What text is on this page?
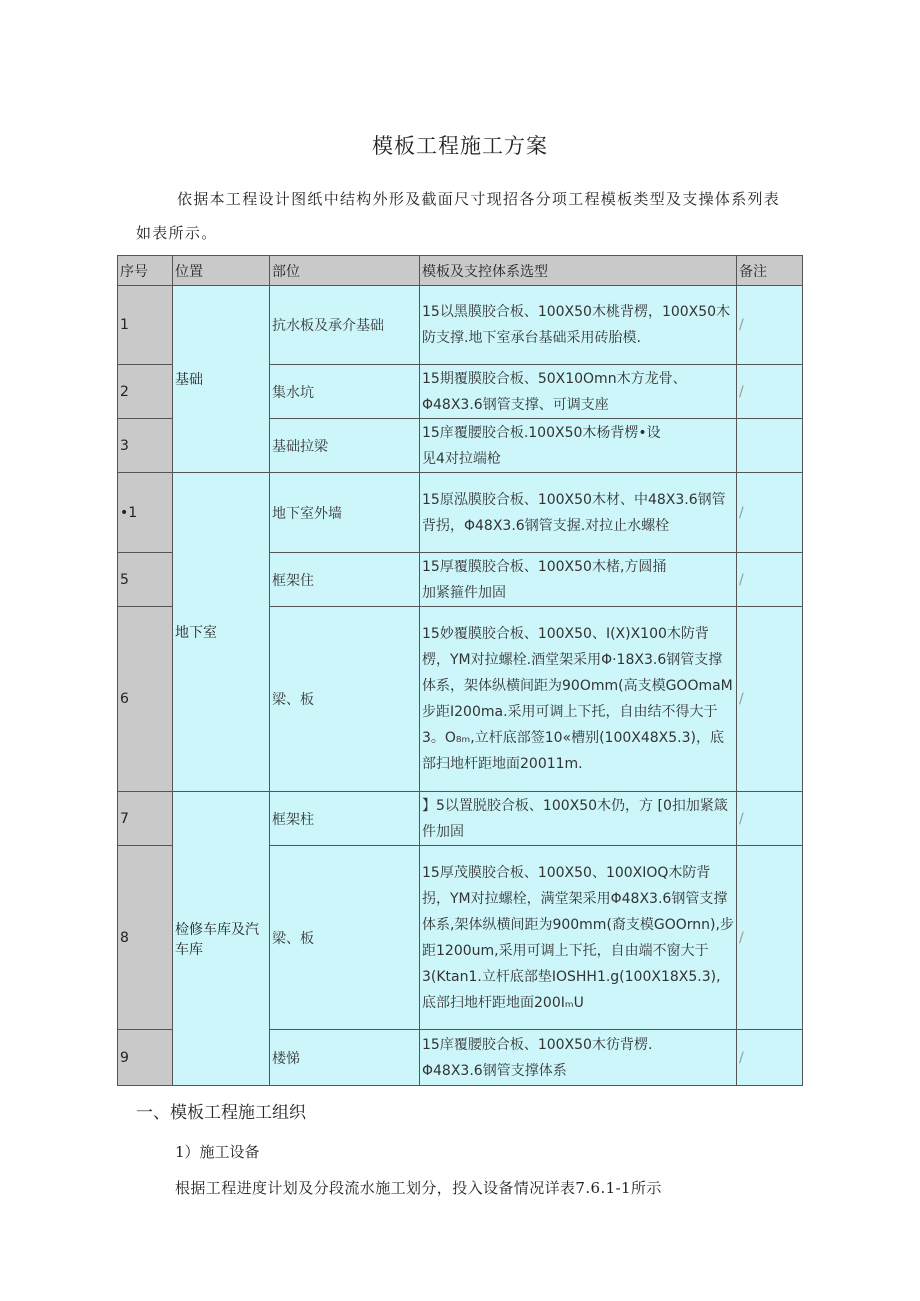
模板工程施工方案

依据本工程设计图纸中结构外形及截面尺寸现招各分项工程模板类型及支操体系列表如表所示。

序号	位置	部位	模板及支控体系选型	备注
1	基础	抗水板及承介基础	15以黑膜胶合板、100X50木桃背楞，100X50木防支撑.地下室承台基础采用砖胎模.	/
2		集水坑	15期覆膜胶合板、50X10Omn木方龙骨、
Φ48X3.6钢管支撑、可调支座	/
3		基础拉梁	15庠覆腰胶合板.100X50木杨背楞•设
见4对拉端枪	

•1	地下室	地下室外墙	15原泓膜胶合板、100X50木材、中48X3.6钢管背拐，Φ48X3.6钢管支握.对拉止水螺栓	/
5		框架住	15厚覆膜胶合板、100X50木楮,方圆捅
加紧箍件加固	/
6		梁、板	15妙覆膜胶合板、100X50、I(X)X100木防背楞，YM对拉螺栓.酒堂架采用Φ·18X3.6钢管支撑体系，架体纵横间距为90Omm(高支模GOOmaM步距I200ma.采用可调上下托，自由结不得大于3。O₈ₘ,立杆底部签10«槽别(100X48X5.3)，底部扫地杆距地面20011m.	/
7	检修车库及汽车库	框架柱	】5以置脱胶合板、100X50木仍，方 [0扣加紧箴件加固	/
8		梁、板	15厚茂膜胶合板、100X50、100XIOQ木防背拐，YM对拉螺栓，满堂架采用Φ48X3.6钢管支撑体系,架体纵横间距为900mm(裔支模GOOrnn),步距1200um,采用可调上下托，自由端不窗大于3(Ktan1.立杆底部垫IOSHH1.g(100X18X5.3),底部扫地杆距地面200IₘU	/
9		楼悌	15庠覆腰胶合板、100X50木彷背楞.
Φ48X3.6钢管支撑体系	/
一、模板工程施工组织
1）施工设备
根据工程进度计划及分段流水施工划分，投入设备情况详表7.6.1-1所示
